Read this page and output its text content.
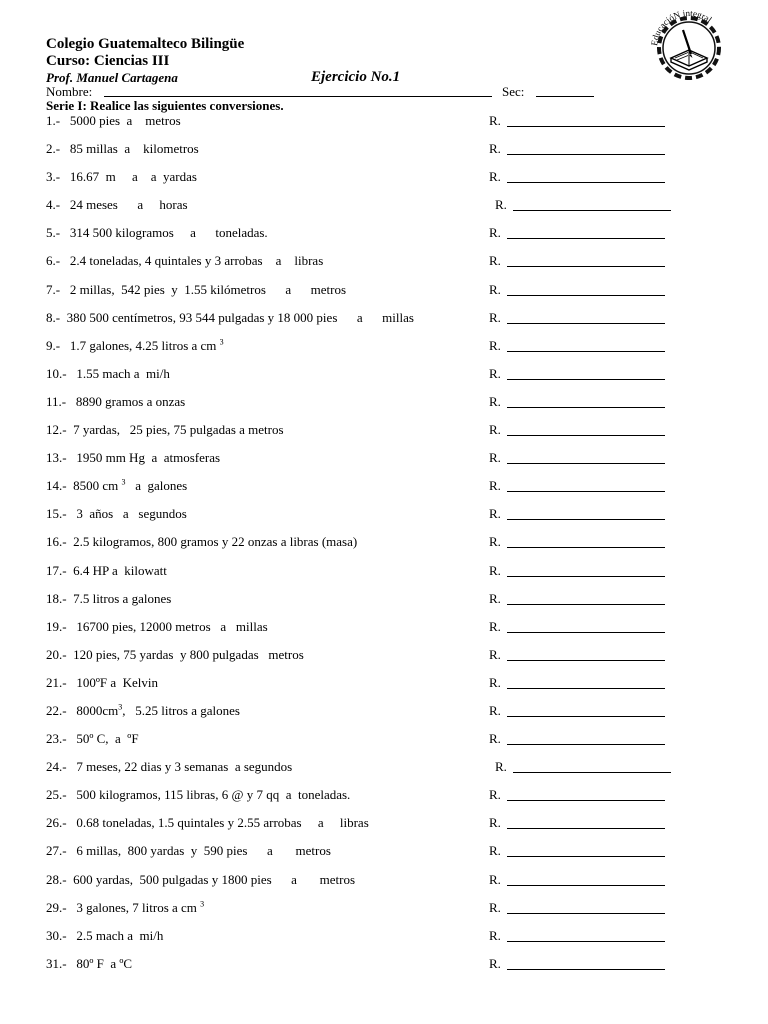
Colegio Guatemalteco Bilingüe
Curso: Ciencias III
Prof. Manuel Cartagena	Ejercicio No.1
Nombre:	Sec:
Serie I: Realice las siguientes conversiones.
1.-   5000 pies  a    metros	R.
2.-   85 millas  a    kilometros	R.
3.-   16.67  m     a    a  yardas	R.
4.-   24 meses      a     horas	R.
5.-   314 500 kilogramos     a      toneladas.	R.
6.-   2.4 toneladas, 4 quintales y 3 arrobas    a    libras	R.
7.-   2 millas,  542 pies  y  1.55 kilómetros      a      metros	R.
8.-  380 500 centímetros, 93 544 pulgadas y 18 000 pies      a      millas	R.
9.-   1.7 galones, 4.25 litros a cm $^3$	R.
10.-   1.55 mach a  mi/h	R.
11.-   8890 gramos a onzas	R.
12.-  7 yardas,   25 pies, 75 pulgadas a metros	R.
13.-   1950 mm Hg  a  atmosferas	R.
14.-  8500 cm $^3$   a  galones	R.
15.-   3  años   a   segundos	R.
16.-  2.5 kilogramos, 800 gramos y 22 onzas a libras (masa)	R.
17.-  6.4 HP a  kilowatt	R.
18.-  7.5 litros a galones	R.
19.-   16700 pies, 12000 metros   a   millas	R.
20.-  120 pies, 75 yardas  y 800 pulgadas   metros	R.
21.-   100ºF a  Kelvin	R.
22.-   $8000cm^3$,   5.25 litros a galones	R.
23.-   50º C,  a  ºF	R.
24.-   7 meses, 22 dias y 3 semanas  a segundos	R.
25.-   500 kilogramos, 115 libras, 6 @ y 7 qq  a  toneladas.	R.
26.-   0.68 toneladas, 1.5 quintales y 2.55 arrobas     a     libras	R.
27.-   6 millas,  800 yardas  y  590 pies      a       metros	R.
28.-  600 yardas,  500 pulgadas y 1800 pies      a       metros	R.
29.-   3 galones, 7 litros a cm $^3$	R.
30.-   2.5 mach a  mi/h	R.
31.-   80º F  a ºC	R.
EducacióN integral
